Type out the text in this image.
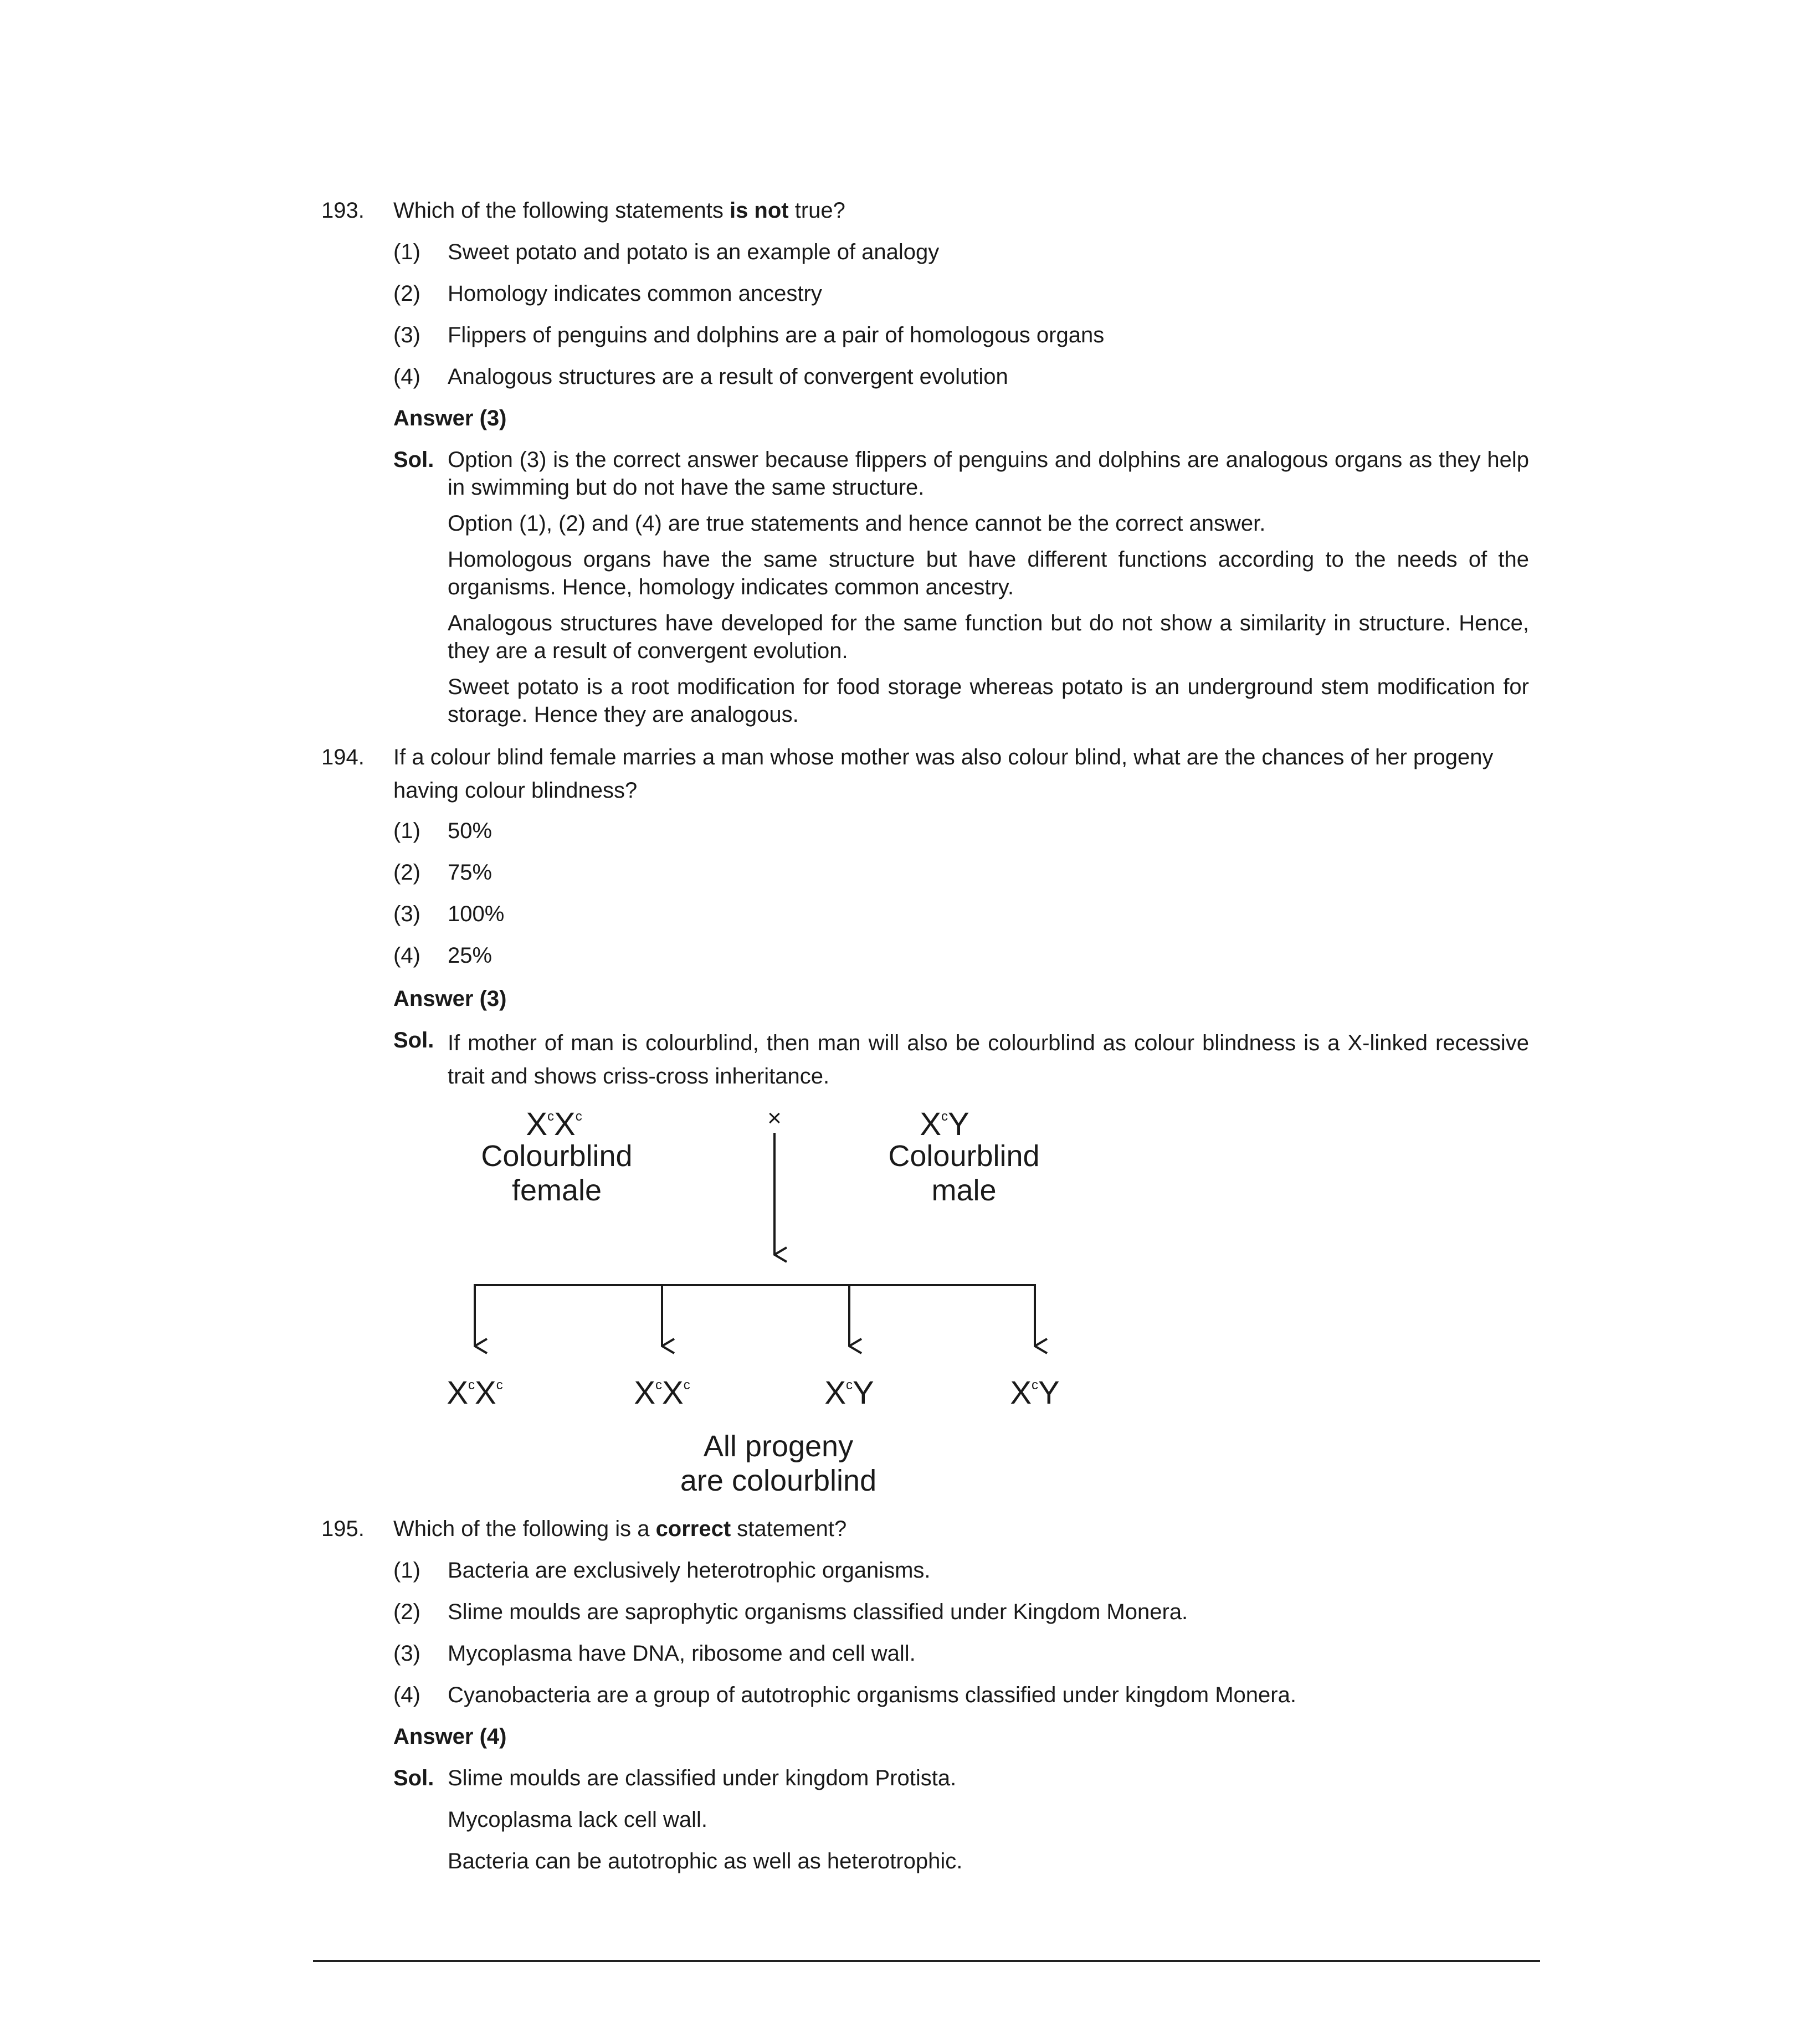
193. Which of the following statements is not true?
(1) Sweet potato and potato is an example of analogy
(2) Homology indicates common ancestry
(3) Flippers of penguins and dolphins are a pair of homologous organs
(4) Analogous structures are a result of convergent evolution
Answer (3)
Sol. Option (3) is the correct answer because flippers of penguins and dolphins are analogous organs as they help in swimming but do not have the same structure.
Option (1), (2) and (4) are true statements and hence cannot be the correct answer.
Homologous organs have the same structure but have different functions according to the needs of the organisms. Hence, homology indicates common ancestry.
Analogous structures have developed for the same function but do not show a similarity in structure. Hence, they are a result of convergent evolution.
Sweet potato is a root modification for food storage whereas potato is an underground stem modification for storage. Hence they are analogous.
194. If a colour blind female marries a man whose mother was also colour blind, what are the chances of her progeny having colour blindness?
(1) 50%
(2) 75%
(3) 100%
(4) 25%
Answer (3)
Sol. If mother of man is colourblind, then man will also be colourblind as colour blindness is a X-linked recessive trait and shows criss-cross inheritance.
$X^cX^c$	×	$X^cY$
Colourblind
female
Colourblind
male
$X^cX^c$	$X^cX^c$	$X^cY$	$X^cY$
All progeny
are colourblind
195. Which of the following is a correct statement?
(1) Bacteria are exclusively heterotrophic organisms.
(2) Slime moulds are saprophytic organisms classified under Kingdom Monera.
(3) Mycoplasma have DNA, ribosome and cell wall.
(4) Cyanobacteria are a group of autotrophic organisms classified under kingdom Monera.
Answer (4)
Sol. Slime moulds are classified under kingdom Protista.
Mycoplasma lack cell wall.
Bacteria can be autotrophic as well as heterotrophic.
